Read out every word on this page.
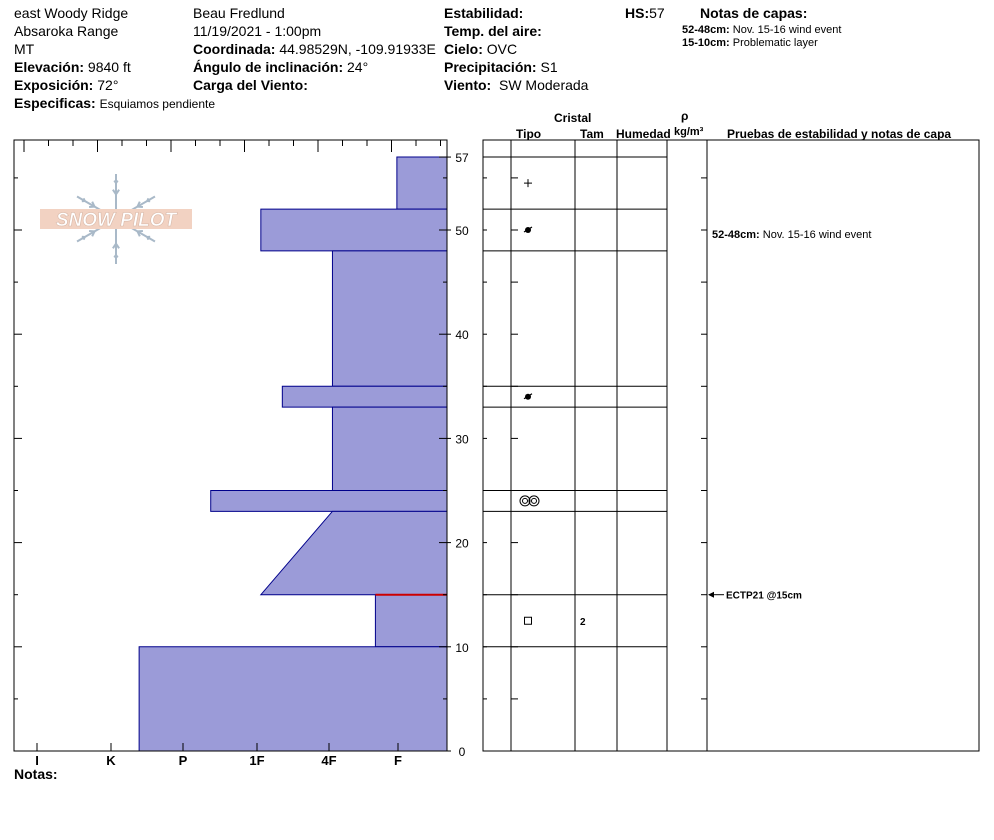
east Woody Ridge
Absaroka Range
MT
Elevación: 9840 ft
Exposición: 72°
Especificas: Esquiamos pendiente
Beau Fredlund
11/19/2021 - 1:00pm
Coordinada: 44.98529N, -109.91933E
Ángulo de inclinación: 24°
Carga del Viento:
Estabilidad:
Temp. del aire:
Cielo: OVC
Precipitación: S1
Viento: SW Moderada
HS:57	Notas de capas:
52-48cm: Nov. 15-16 wind event
15-10cm: Problematic layer
Cristal
Tipo	Tam Humedad
ρ
kg/m³ Pruebas de estabilidad y notas de capa
Notas:
SNOW PILOT
0
10
20
30
40
50
57
I	K	P	1F	4F	F
2
52-48cm: Nov. 15-16 wind event
ECTP21 @15cm
